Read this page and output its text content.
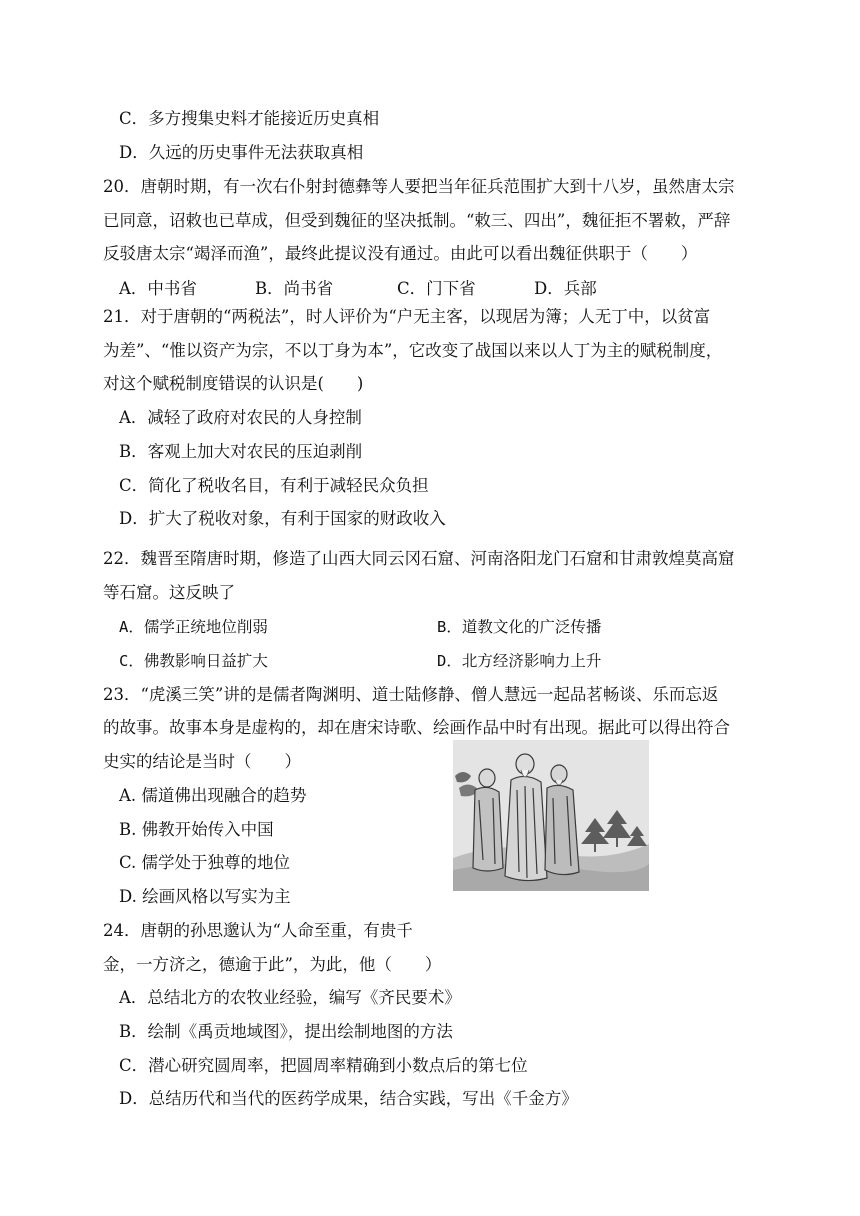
C．多方搜集史料才能接近历史真相
D．久远的历史事件无法获取真相
20．唐朝时期，有一次右仆射封德彝等人要把当年征兵范围扩大到十八岁，虽然唐太宗
已同意，诏敕也已草成，但受到魏征的坚决抵制。“敕三、四出”，魏征拒不署敕，严辞
反驳唐太宗“竭泽而渔”，最终此提议没有通过。由此可以看出魏征供职于（　　）
A．中书省	B．尚书省	C．门下省	D．兵部
21．对于唐朝的“两税法”，时人评价为“户无主客，以现居为簿；人无丁中，以贫富
为差”、“惟以资产为宗，不以丁身为本”，它改变了战国以来以人丁为主的赋税制度，
对这个赋税制度错误的认识是(　　)
A．减轻了政府对农民的人身控制
B．客观上加大对农民的压迫剥削
C．简化了税收名目，有利于减轻民众负担
D．扩大了税收对象，有利于国家的财政收入
22．魏晋至隋唐时期，修造了山西大同云冈石窟、河南洛阳龙门石窟和甘肃敦煌莫高窟
等石窟。这反映了
A．儒学正统地位削弱	B．道教文化的广泛传播
C．佛教影响日益扩大	D．北方经济影响力上升
23．“虎溪三笑”讲的是儒者陶渊明、道士陆修静、僧人慧远一起品茗畅谈、乐而忘返
的故事。故事本身是虚构的，却在唐宋诗歌、绘画作品中时有出现。据此可以得出符合
史实的结论是当时（　　）
A. 儒道佛出现融合的趋势
B. 佛教开始传入中国
C. 儒学处于独尊的地位
D. 绘画风格以写实为主
24．唐朝的孙思邈认为“人命至重，有贵千
金，一方济之，德逾于此”，为此，他（　　）
A．总结北方的农牧业经验，编写《齐民要术》
B．绘制《禹贡地域图》，提出绘制地图的方法
C．潜心研究圆周率，把圆周率精确到小数点后的第七位
D．总结历代和当代的医药学成果，结合实践，写出《千金方》
